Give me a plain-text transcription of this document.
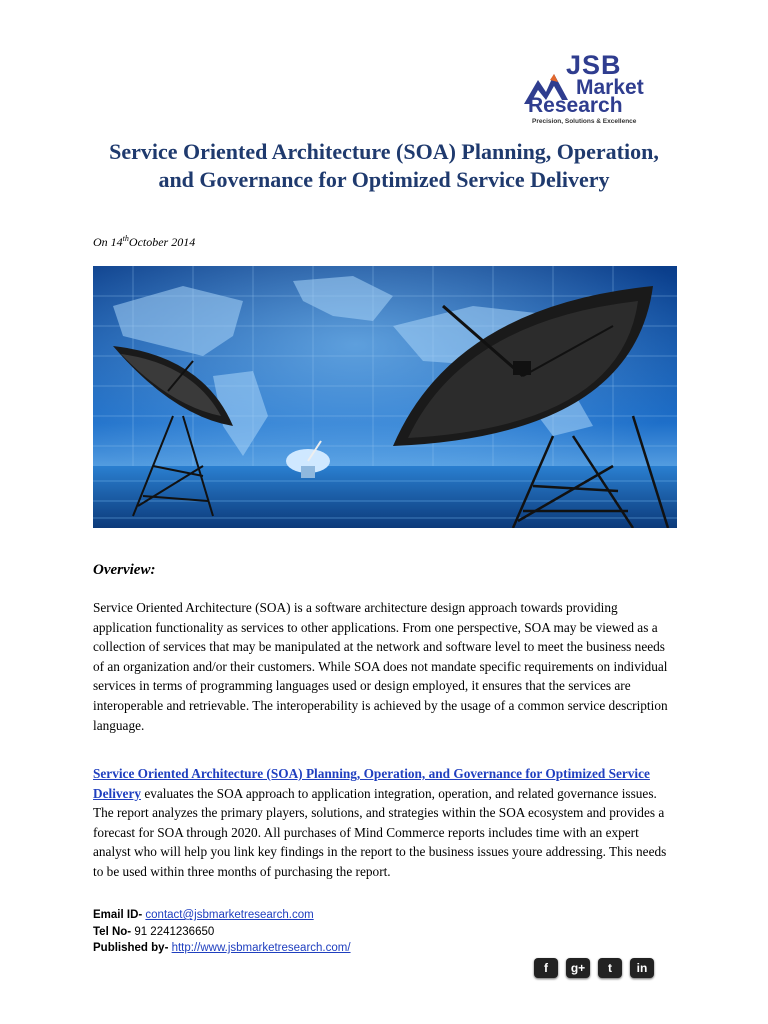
JSB
Market
Research
Precision, Solutions & Excellence
Service Oriented Architecture (SOA) Planning, Operation, and Governance for Optimized Service Delivery
On 14thOctober 2014
Overview:
Service Oriented Architecture (SOA) is a software architecture design approach towards providing application functionality as services to other applications. From one perspective, SOA may be viewed as a collection of services that may be manipulated at the network and software level to meet the business needs of an organization and/or their customers. While SOA does not mandate specific requirements on individual services in terms of programming languages used or design employed, it ensures that the services are interoperable and retrievable. The interoperability is achieved by the usage of a common service description language.
Service Oriented Architecture (SOA) Planning, Operation, and Governance for Optimized Service Delivery evaluates the SOA approach to application integration, operation, and related governance issues. The report analyzes the primary players, solutions, and strategies within the SOA ecosystem and provides a forecast for SOA through 2020. All purchases of Mind Commerce reports includes time with an expert analyst who will help you link key findings in the report to the business issues youre addressing. This needs to be used within three months of purchasing the report.
Email ID- contact@jsbmarketresearch.com
Tel No- 91 2241236650
Published by- http://www.jsbmarketresearch.com/
f	g+	t	in
